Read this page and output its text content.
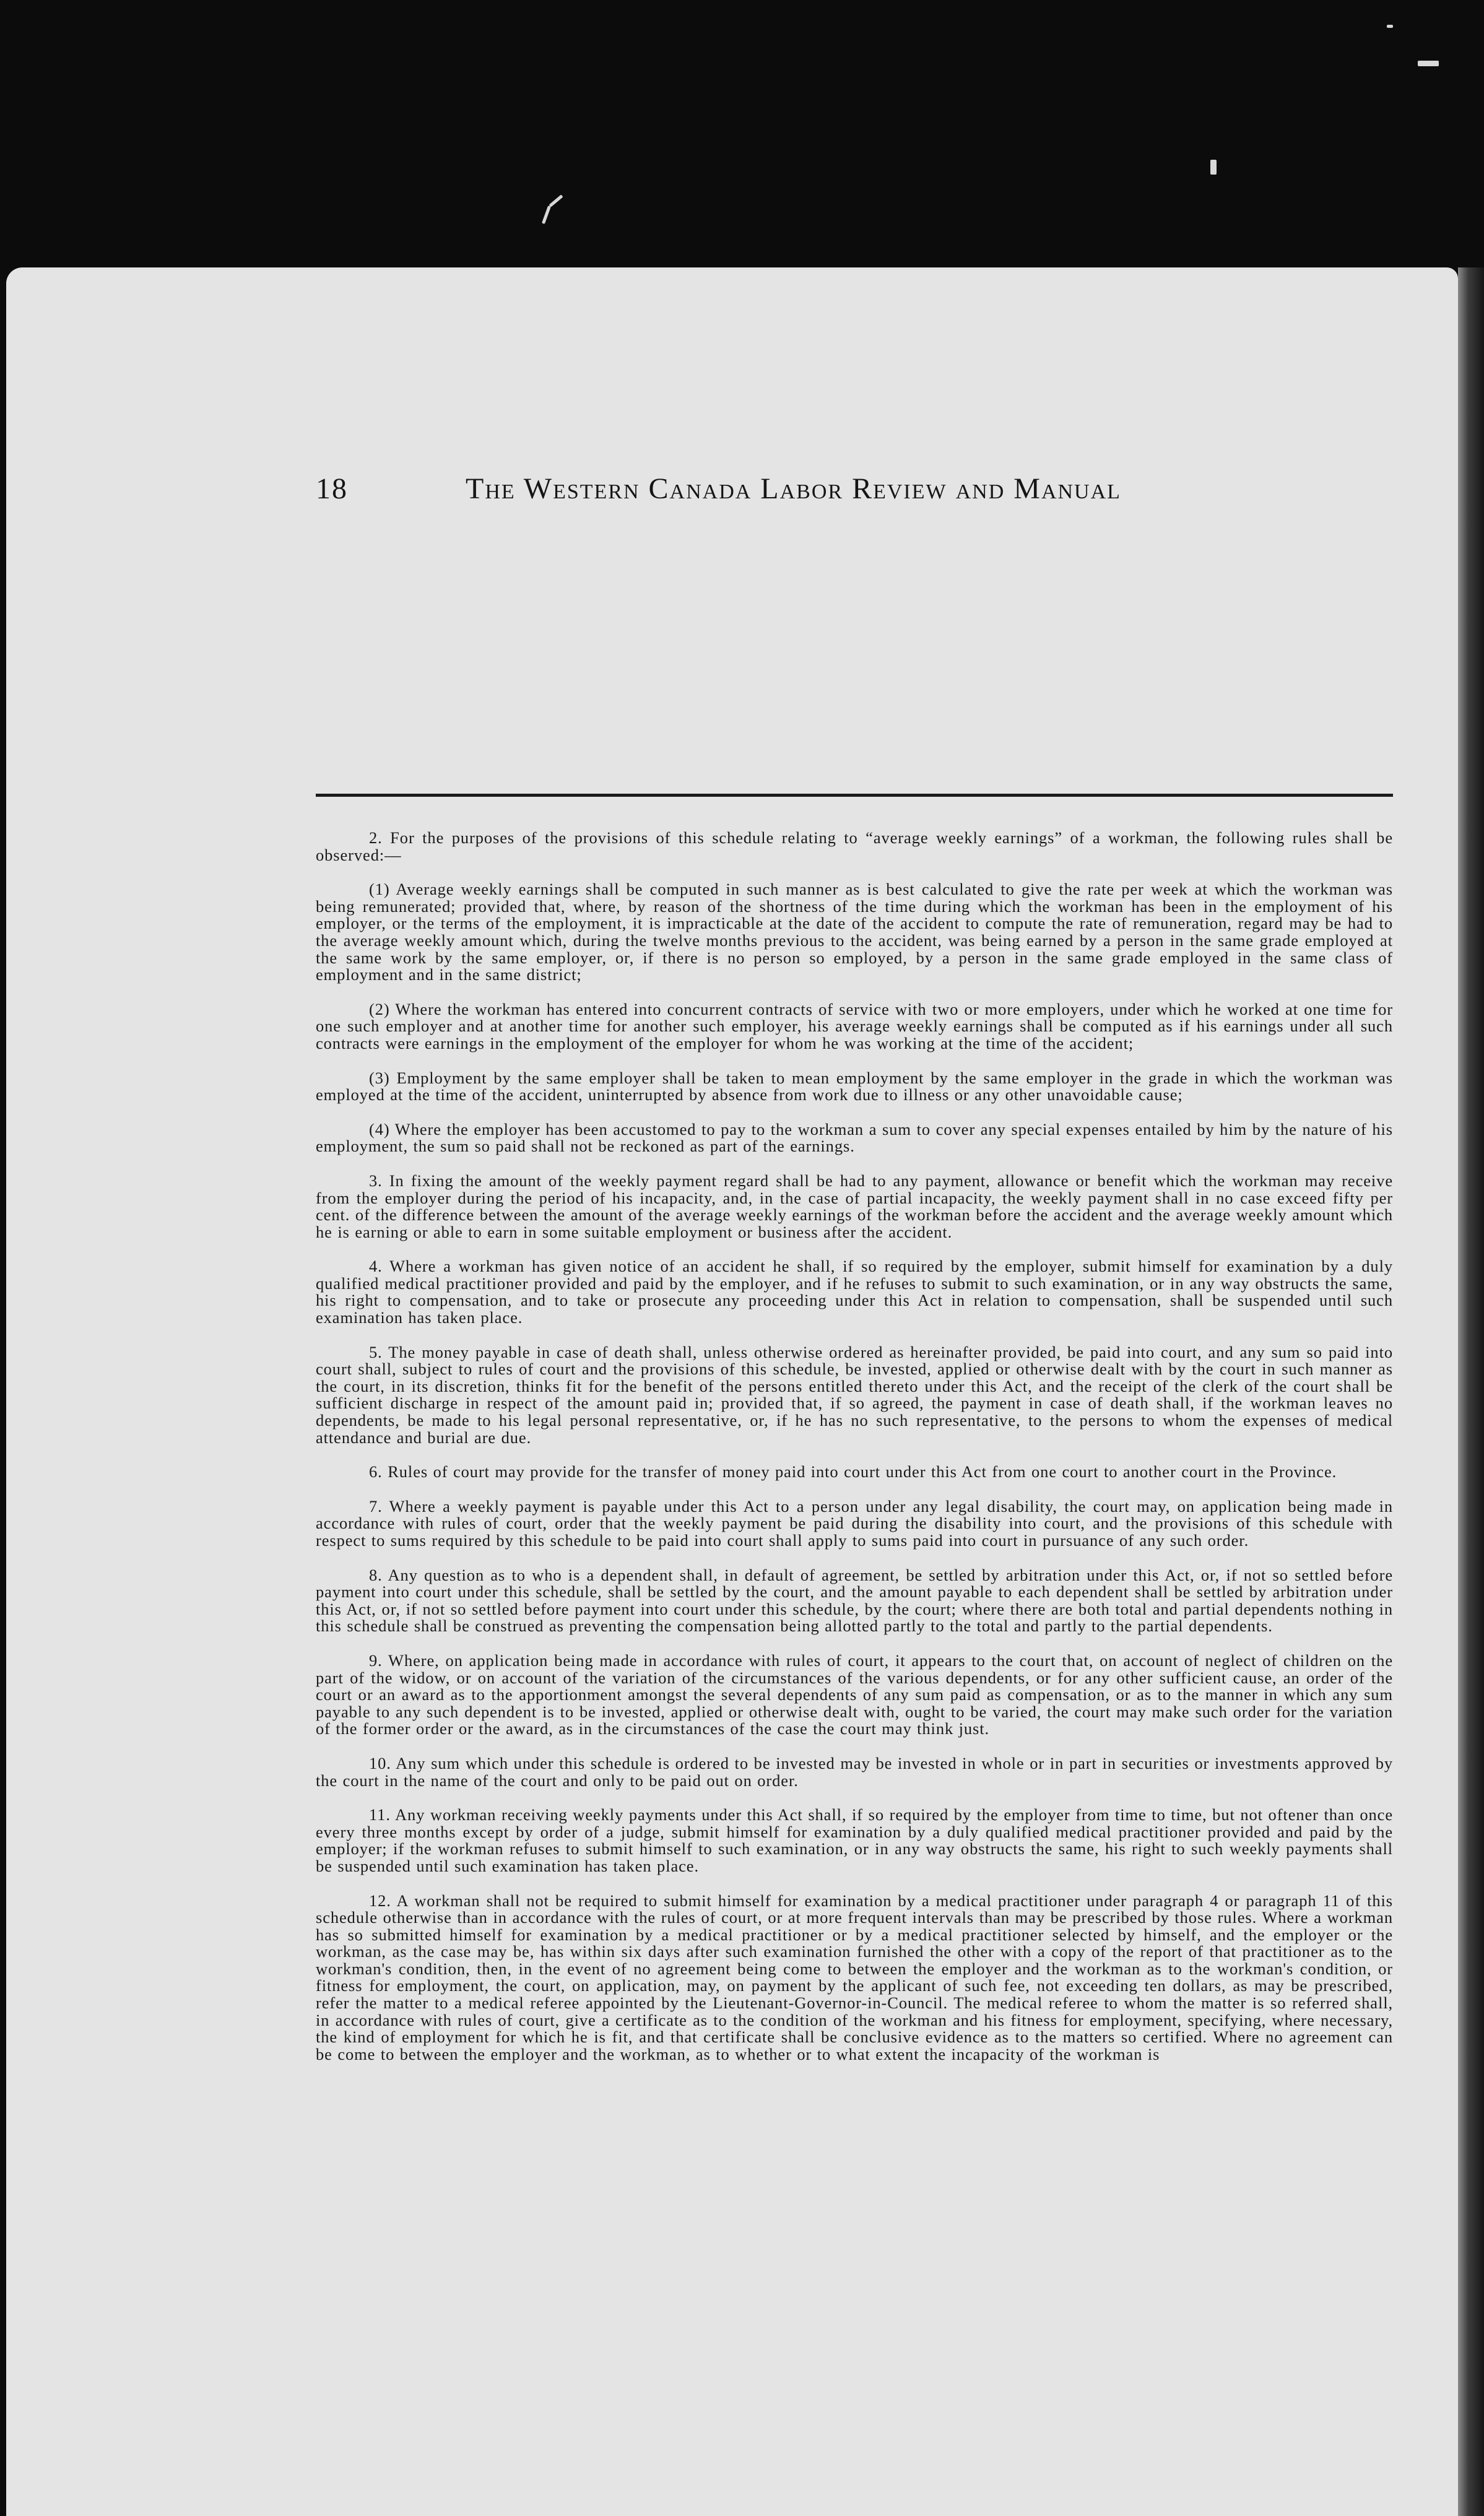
18	The Western Canada Labor Review and Manual

2. For the purposes of the provisions of this schedule relating to “average weekly earnings” of a workman, the following rules shall be observed:—

(1) Average weekly earnings shall be computed in such manner as is best calculated to give the rate per week at which the workman was being remunerated; provided that, where, by reason of the shortness of the time during which the workman has been in the employment of his employer, or the terms of the employment, it is impracticable at the date of the accident to compute the rate of remuneration, regard may be had to the average weekly amount which, during the twelve months previous to the accident, was being earned by a person in the same grade employed at the same work by the same employer, or, if there is no person so employed, by a person in the same grade employed in the same class of employment and in the same district;

(2) Where the workman has entered into concurrent contracts of service with two or more employers, under which he worked at one time for one such employer and at another time for another such employer, his average weekly earnings shall be computed as if his earnings under all such contracts were earnings in the employment of the employer for whom he was working at the time of the accident;

(3) Employment by the same employer shall be taken to mean employment by the same employer in the grade in which the workman was employed at the time of the accident, uninterrupted by absence from work due to illness or any other unavoidable cause;

(4) Where the employer has been accustomed to pay to the workman a sum to cover any special expenses entailed by him by the nature of his employment, the sum so paid shall not be reckoned as part of the earnings.

3. In fixing the amount of the weekly payment regard shall be had to any payment, allowance or benefit which the workman may receive from the employer during the period of his incapacity, and, in the case of partial incapacity, the weekly payment shall in no case exceed fifty per cent. of the difference between the amount of the average weekly earnings of the workman before the accident and the average weekly amount which he is earning or able to earn in some suitable employment or business after the accident.

4. Where a workman has given notice of an accident he shall, if so required by the employer, submit himself for examination by a duly qualified medical practitioner provided and paid by the employer, and if he refuses to submit to such examination, or in any way obstructs the same, his right to compensation, and to take or prosecute any proceeding under this Act in relation to compensation, shall be suspended until such examination has taken place.

5. The money payable in case of death shall, unless otherwise ordered as hereinafter provided, be paid into court, and any sum so paid into court shall, subject to rules of court and the provisions of this schedule, be invested, applied or otherwise dealt with by the court in such manner as the court, in its discretion, thinks fit for the benefit of the persons entitled thereto under this Act, and the receipt of the clerk of the court shall be sufficient discharge in respect of the amount paid in; provided that, if so agreed, the payment in case of death shall, if the workman leaves no dependents, be made to his legal personal representative, or, if he has no such representative, to the persons to whom the expenses of medical attendance and burial are due.

6. Rules of court may provide for the transfer of money paid into court under this Act from one court to another court in the Province.

7. Where a weekly payment is payable under this Act to a person under any legal disability, the court may, on application being made in accordance with rules of court, order that the weekly payment be paid during the disability into court, and the provisions of this schedule with respect to sums required by this schedule to be paid into court shall apply to sums paid into court in pursuance of any such order.

8. Any question as to who is a dependent shall, in default of agreement, be settled by arbitration under this Act, or, if not so settled before payment into court under this schedule, shall be settled by the court, and the amount payable to each dependent shall be settled by arbitration under this Act, or, if not so settled before payment into court under this schedule, by the court; where there are both total and partial dependents nothing in this schedule shall be construed as preventing the compensation being allotted partly to the total and partly to the partial dependents.

9. Where, on application being made in accordance with rules of court, it appears to the court that, on account of neglect of children on the part of the widow, or on account of the variation of the circumstances of the various dependents, or for any other sufficient cause, an order of the court or an award as to the apportionment amongst the several dependents of any sum paid as compensation, or as to the manner in which any sum payable to any such dependent is to be invested, applied or otherwise dealt with, ought to be varied, the court may make such order for the variation of the former order or the award, as in the circumstances of the case the court may think just.

10. Any sum which under this schedule is ordered to be invested may be invested in whole or in part in securities or investments approved by the court in the name of the court and only to be paid out on order.

11. Any workman receiving weekly payments under this Act shall, if so required by the employer from time to time, but not oftener than once every three months except by order of a judge, submit himself for examination by a duly qualified medical practitioner provided and paid by the employer; if the workman refuses to submit himself to such examination, or in any way obstructs the same, his right to such weekly payments shall be suspended until such examination has taken place.

12. A workman shall not be required to submit himself for examination by a medical practitioner under paragraph 4 or paragraph 11 of this schedule otherwise than in accordance with the rules of court, or at more frequent intervals than may be prescribed by those rules. Where a workman has so submitted himself for examination by a medical practitioner or by a medical practitioner selected by himself, and the employer or the workman, as the case may be, has within six days after such examination furnished the other with a copy of the report of that practitioner as to the workman's condition, then, in the event of no agreement being come to between the employer and the workman as to the workman's condition, or fitness for employment, the court, on application, may, on payment by the applicant of such fee, not exceeding ten dollars, as may be prescribed, refer the matter to a medical referee appointed by the Lieutenant-Governor-in-Council. The medical referee to whom the matter is so referred shall, in accordance with rules of court, give a certificate as to the condition of the workman and his fitness for employment, specifying, where necessary, the kind of employment for which he is fit, and that certificate shall be conclusive evidence as to the matters so certified. Where no agreement can be come to between the employer and the workman, as to whether or to what extent the incapacity of the workman is
